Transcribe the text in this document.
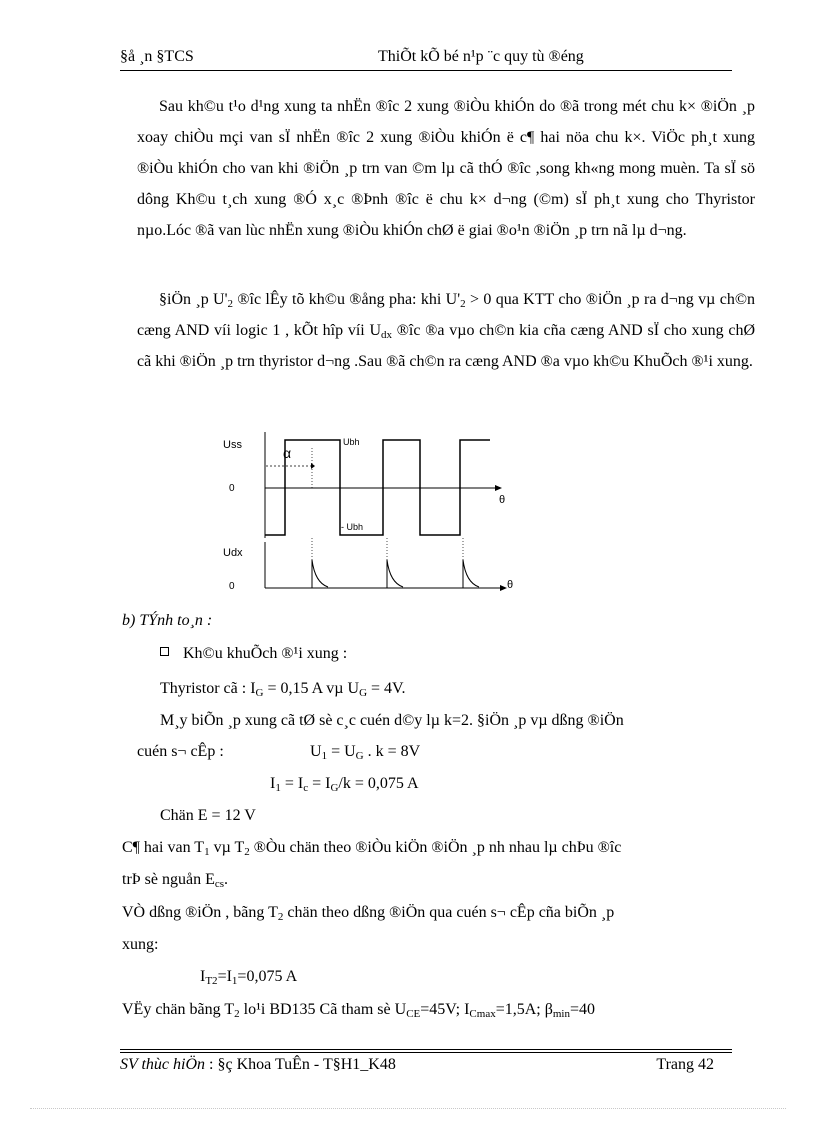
§å ¸n §TCS	ThiÕt kÕ bé n¹p ¨c quy tù ®éng

Sau kh©u t¹o d¹ng xung ta nhËn ®îc 2 xung ®iÒu khiÓn do ®ã trong mét chu k× ®iÖn ¸p xoay chiÒu mçi van sÏ nhËn ®îc 2 xung ®iÒu khiÓn ë c¶ hai nöa chu k×. ViÖc ph¸t xung ®iÒu khiÓn cho van khi ®iÖn ¸p trn van ©m lµ cã thÓ ®îc ,song kh«ng mong muèn. Ta sÏ sö dông Kh©u t¸ch xung ®Ó x¸c ®Þnh ®îc ë chu k× d¬ng (©m) sÏ ph¸t xung cho Thyristor nµo.Lóc ®ã van lùc nhËn xung ®iÒu khiÓn chØ ë giai ®o¹n ®iÖn ¸p trn nã lµ d¬ng.

§iÖn ¸p $U'_2$ ®îc lÊy tõ kh©u ®ång pha: khi $U'_2 > 0$ qua KTT cho ®iÖn ¸p ra d¬ng vµ ch©n cæng AND víi logic 1 , kÕt hîp víi $U_{dx}$ ®îc ®a vµo ch©n kia cña cæng AND sÏ cho xung chØ cã khi ®iÖn ¸p trn thyristor d¬ng .Sau ®ã ch©n ra cæng AND ®a vµo kh©u KhuÕch ®¹i xung.

α
Uss	Ubh
- Ubh
0
θ
Udx
0	θ
b) TÝnh to¸n :
Kh©u khuÕch ®¹i xung :
Thyristor cã : $I_G = 0,15$ A vµ $U_G = 4V$.
M¸y biÕn ¸p xung cã tØ sè c¸c cuén d©y lµ k=2. §iÖn ¸p vµ dßng ®iÖn
cuén s¬ cÊp :	$U_1 = U_G$ . k = 8V
$I_1 = I_c = I_G/k = 0,075$ A
Chän E = 12 V
C¶ hai van $T_1$ vµ $T_2$ ®Òu chän theo ®iÒu kiÖn ®iÖn ¸p nh nhau lµ chÞu ®îc
trÞ sè nguån $E_{cs}$.
VÒ dßng ®iÖn , bãng $T_2$ chän theo dßng ®iÖn qua cuén s¬ cÊp cña biÕn ¸p
xung:
$I_{T2}=I_1=0,075$ A
VËy chän bãng $T_2$ lo¹i BD135 Cã tham sè $U_{CE}=45V$; $I_{Cmax}=1,5A$; $\beta_{min}=40$
SV thùc hiÖn : §ç Khoa TuÊn - T§H1_K48	Trang 42
